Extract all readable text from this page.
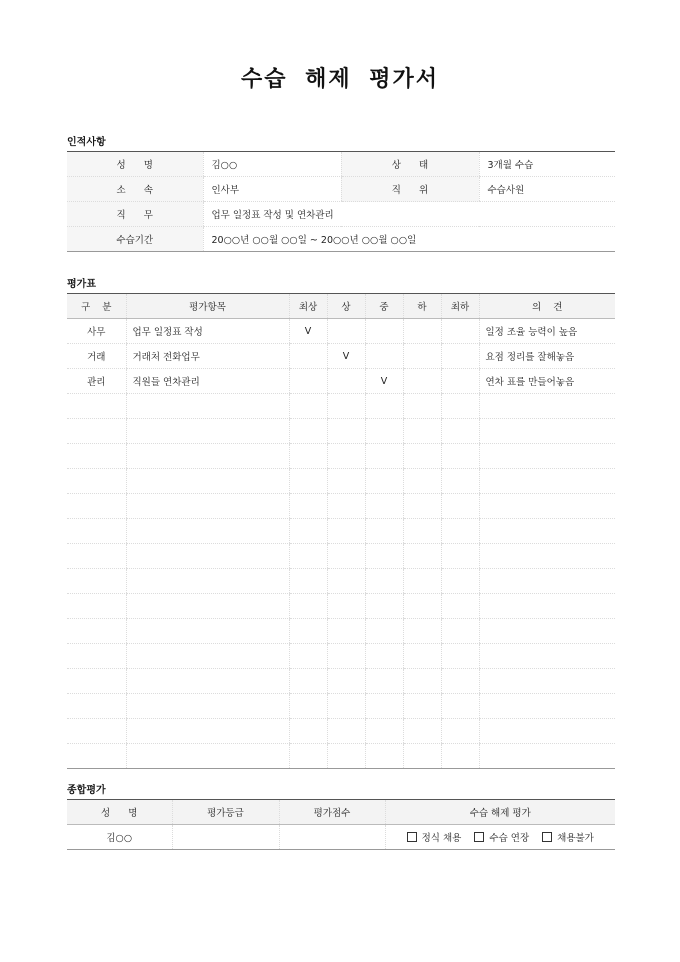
수습 해제 평가서
인적사항
성      명	김○○	상      태	3개월 수습
소      속	인사부	직      위	수습사원
직      무	업무 일정표 작성 및 연차관리		
수습기간	20○○년 ○○월 ○○일 ~ 20○○년 ○○월 ○○일		
평가표
구    분	평가항목	최상	상	중	하	최하	의    견
사무	업무 일정표 작성	V					일정 조율 능력이 높음
거래	거래처 전화업무		V				요점 정리를 잘해놓음
관리	직원들 연차관리			V			연차 표를 만들어놓음

종합평가
성      명	평가등급	평가점수	수습 해제 평가
김○○			정식 채용
수습 연장
채용불가
